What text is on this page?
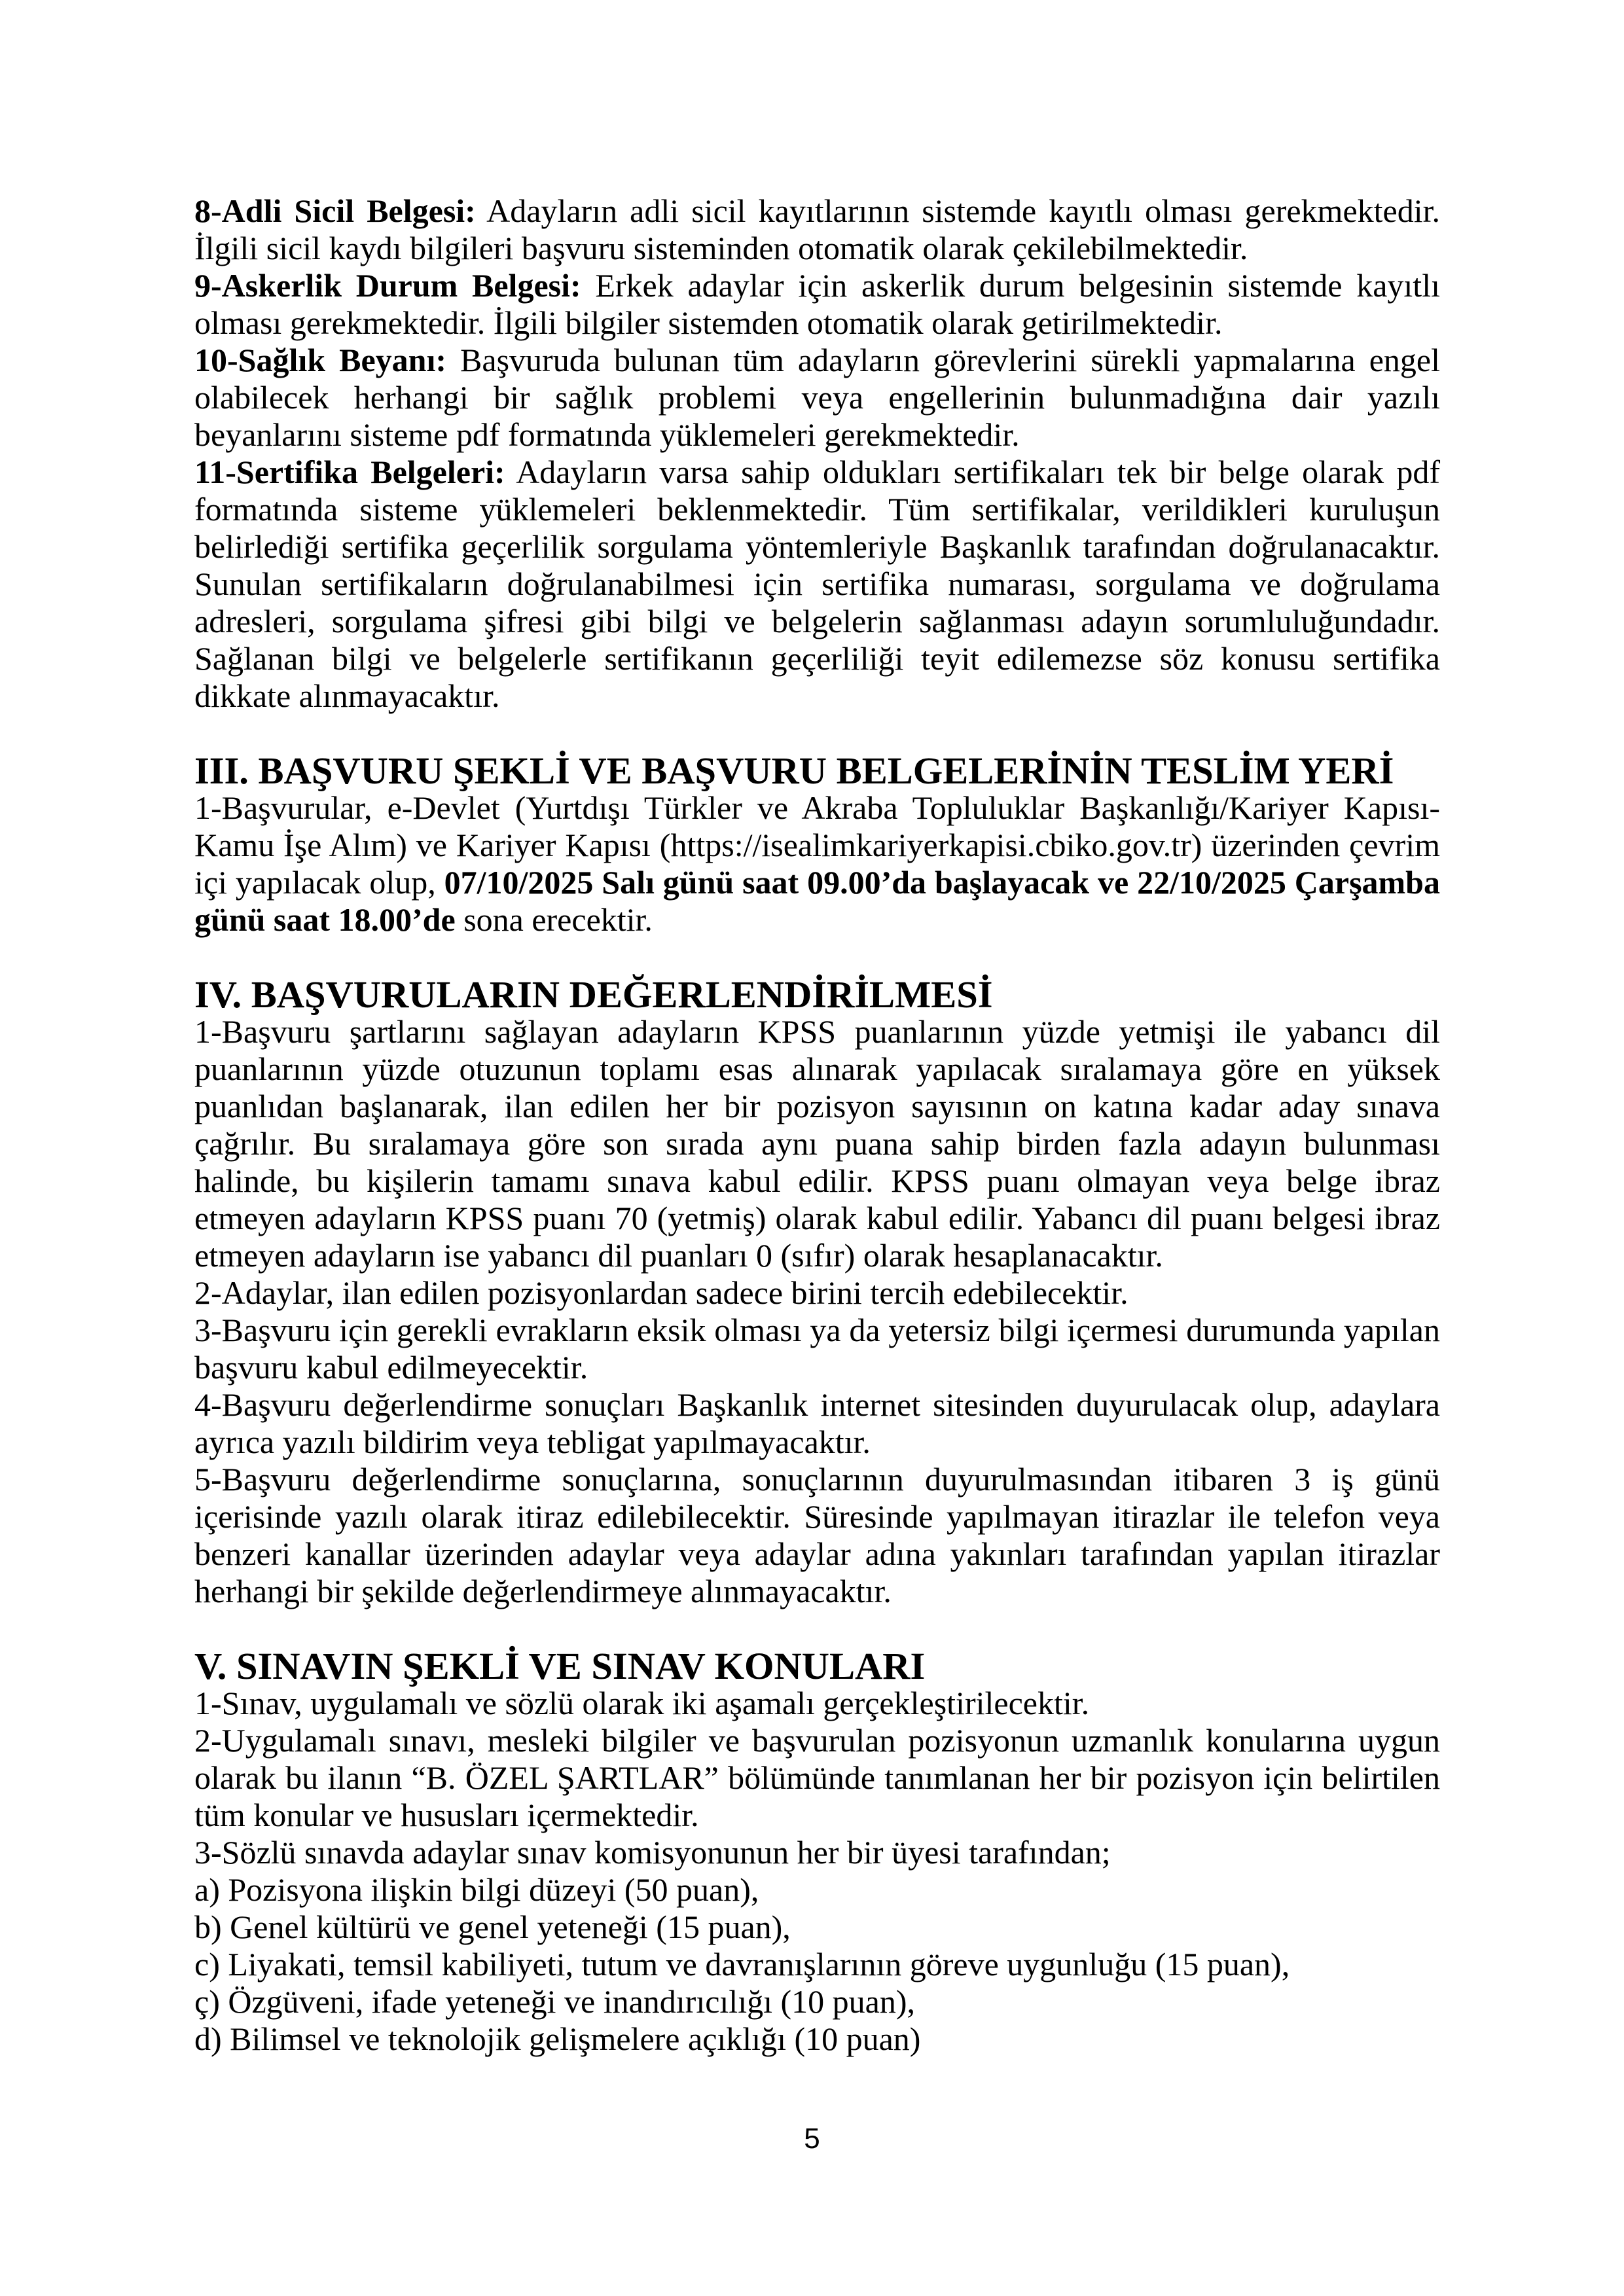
8-Adli Sicil Belgesi: Adayların adli sicil kayıtlarının sistemde kayıtlı olması gerekmektedir. İlgili sicil kaydı bilgileri başvuru sisteminden otomatik olarak çekilebilmektedir.

9-Askerlik Durum Belgesi: Erkek adaylar için askerlik durum belgesinin sistemde kayıtlı olması gerekmektedir. İlgili bilgiler sistemden otomatik olarak getirilmektedir.

10-Sağlık Beyanı: Başvuruda bulunan tüm adayların görevlerini sürekli yapmalarına engel olabilecek herhangi bir sağlık problemi veya engellerinin bulunmadığına dair yazılı beyanlarını sisteme pdf formatında yüklemeleri gerekmektedir.

11-Sertifika Belgeleri: Adayların varsa sahip oldukları sertifikaları tek bir belge olarak pdf formatında sisteme yüklemeleri beklenmektedir. Tüm sertifikalar, verildikleri kuruluşun belirlediği sertifika geçerlilik sorgulama yöntemleriyle Başkanlık tarafından doğrulanacaktır. Sunulan sertifikaların doğrulanabilmesi için sertifika numarası, sorgulama ve doğrulama adresleri, sorgulama şifresi gibi bilgi ve belgelerin sağlanması adayın sorumluluğundadır. Sağlanan bilgi ve belgelerle sertifikanın geçerliliği teyit edilemezse söz konusu sertifika dikkate alınmayacaktır.

III. BAŞVURU ŞEKLİ VE BAŞVURU BELGELERİNİN TESLİM YERİ

1-Başvurular, e-Devlet (Yurtdışı Türkler ve Akraba Topluluklar Başkanlığı/Kariyer Kapısı-Kamu İşe Alım) ve Kariyer Kapısı (https://isealimkariyerkapisi.cbiko.gov.tr) üzerinden çevrim içi yapılacak olup, 07/10/2025 Salı günü saat 09.00’da başlayacak ve 22/10/2025 Çarşamba günü saat 18.00’de sona erecektir.

IV. BAŞVURULARIN DEĞERLENDİRİLMESİ

1-Başvuru şartlarını sağlayan adayların KPSS puanlarının yüzde yetmişi ile yabancı dil puanlarının yüzde otuzunun toplamı esas alınarak yapılacak sıralamaya göre en yüksek puanlıdan başlanarak, ilan edilen her bir pozisyon sayısının on katına kadar aday sınava çağrılır. Bu sıralamaya göre son sırada aynı puana sahip birden fazla adayın bulunması halinde, bu kişilerin tamamı sınava kabul edilir. KPSS puanı olmayan veya belge ibraz etmeyen adayların KPSS puanı 70 (yetmiş) olarak kabul edilir. Yabancı dil puanı belgesi ibraz etmeyen adayların ise yabancı dil puanları 0 (sıfır) olarak hesaplanacaktır.

2-Adaylar, ilan edilen pozisyonlardan sadece birini tercih edebilecektir.

3-Başvuru için gerekli evrakların eksik olması ya da yetersiz bilgi içermesi durumunda yapılan başvuru kabul edilmeyecektir.

4-Başvuru değerlendirme sonuçları Başkanlık internet sitesinden duyurulacak olup, adaylara ayrıca yazılı bildirim veya tebligat yapılmayacaktır.

5-Başvuru değerlendirme sonuçlarına, sonuçlarının duyurulmasından itibaren 3 iş günü içerisinde yazılı olarak itiraz edilebilecektir. Süresinde yapılmayan itirazlar ile telefon veya benzeri kanallar üzerinden adaylar veya adaylar adına yakınları tarafından yapılan itirazlar herhangi bir şekilde değerlendirmeye alınmayacaktır.

V. SINAVIN ŞEKLİ VE SINAV KONULARI

1-Sınav, uygulamalı ve sözlü olarak iki aşamalı gerçekleştirilecektir.

2-Uygulamalı sınavı, mesleki bilgiler ve başvurulan pozisyonun uzmanlık konularına uygun olarak bu ilanın “B. ÖZEL ŞARTLAR” bölümünde tanımlanan her bir pozisyon için belirtilen tüm konular ve hususları içermektedir.

3-Sözlü sınavda adaylar sınav komisyonunun her bir üyesi tarafından;

a) Pozisyona ilişkin bilgi düzeyi (50 puan),

b) Genel kültürü ve genel yeteneği (15 puan),

c) Liyakati, temsil kabiliyeti, tutum ve davranışlarının göreve uygunluğu (15 puan),

ç) Özgüveni, ifade yeteneği ve inandırıcılığı (10 puan),

d) Bilimsel ve teknolojik gelişmelere açıklığı (10 puan)

5
